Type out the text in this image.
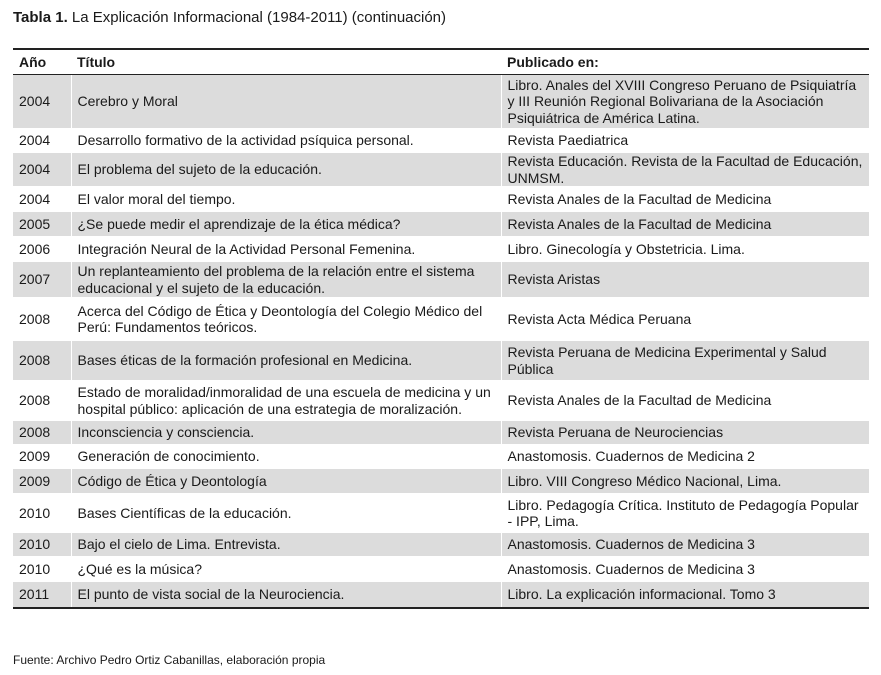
Tabla 1. La Explicación Informacional (1984-2011) (continuación)
Año	Título	Publicado en:
2004	Cerebro y Moral	Libro. Anales del XVIII Congreso Peruano de Psiquiatría y III Reunión Regional Bolivariana de la Asociación Psiquiátrica de América Latina.
2004	Desarrollo formativo de la actividad psíquica personal.	Revista Paediatrica
2004	El problema del sujeto de la educación.	Revista Educación. Revista de la Facultad de Educación, UNMSM.
2004	El valor moral del tiempo.	Revista Anales de la Facultad de Medicina
2005	¿Se puede medir el aprendizaje de la ética médica?	Revista Anales de la Facultad de Medicina
2006	Integración Neural de la Actividad Personal Femenina.	Libro. Ginecología y Obstetricia. Lima.
2007	Un replanteamiento del problema de la relación entre el sistema educacional y el sujeto de la educación.	Revista Aristas
2008	Acerca del Código de Ética y Deontología del Colegio Médico del Perú: Fundamentos teóricos.	Revista Acta Médica Peruana
2008	Bases éticas de la formación profesional en Medicina.	Revista Peruana de Medicina Experimental y Salud Pública
2008	Estado de moralidad/inmoralidad de una escuela de medicina y un hospital público: aplicación de una estrategia de moralización.	Revista Anales de la Facultad de Medicina
2008	Inconsciencia y consciencia.	Revista Peruana de Neurociencias
2009	Generación de conocimiento.	Anastomosis. Cuadernos de Medicina 2
2009	Código de Ética y Deontología	Libro. VIII Congreso Médico Nacional, Lima.
2010	Bases Científicas de la educación.	Libro. Pedagogía Crítica. Instituto de Pedagogía Popular - IPP, Lima.
2010	Bajo el cielo de Lima. Entrevista.	Anastomosis. Cuadernos de Medicina 3
2010	¿Qué es la música?	Anastomosis. Cuadernos de Medicina 3
2011	El punto de vista social de la Neurociencia.	Libro. La explicación informacional. Tomo 3
Fuente: Archivo Pedro Ortiz Cabanillas, elaboración propia
